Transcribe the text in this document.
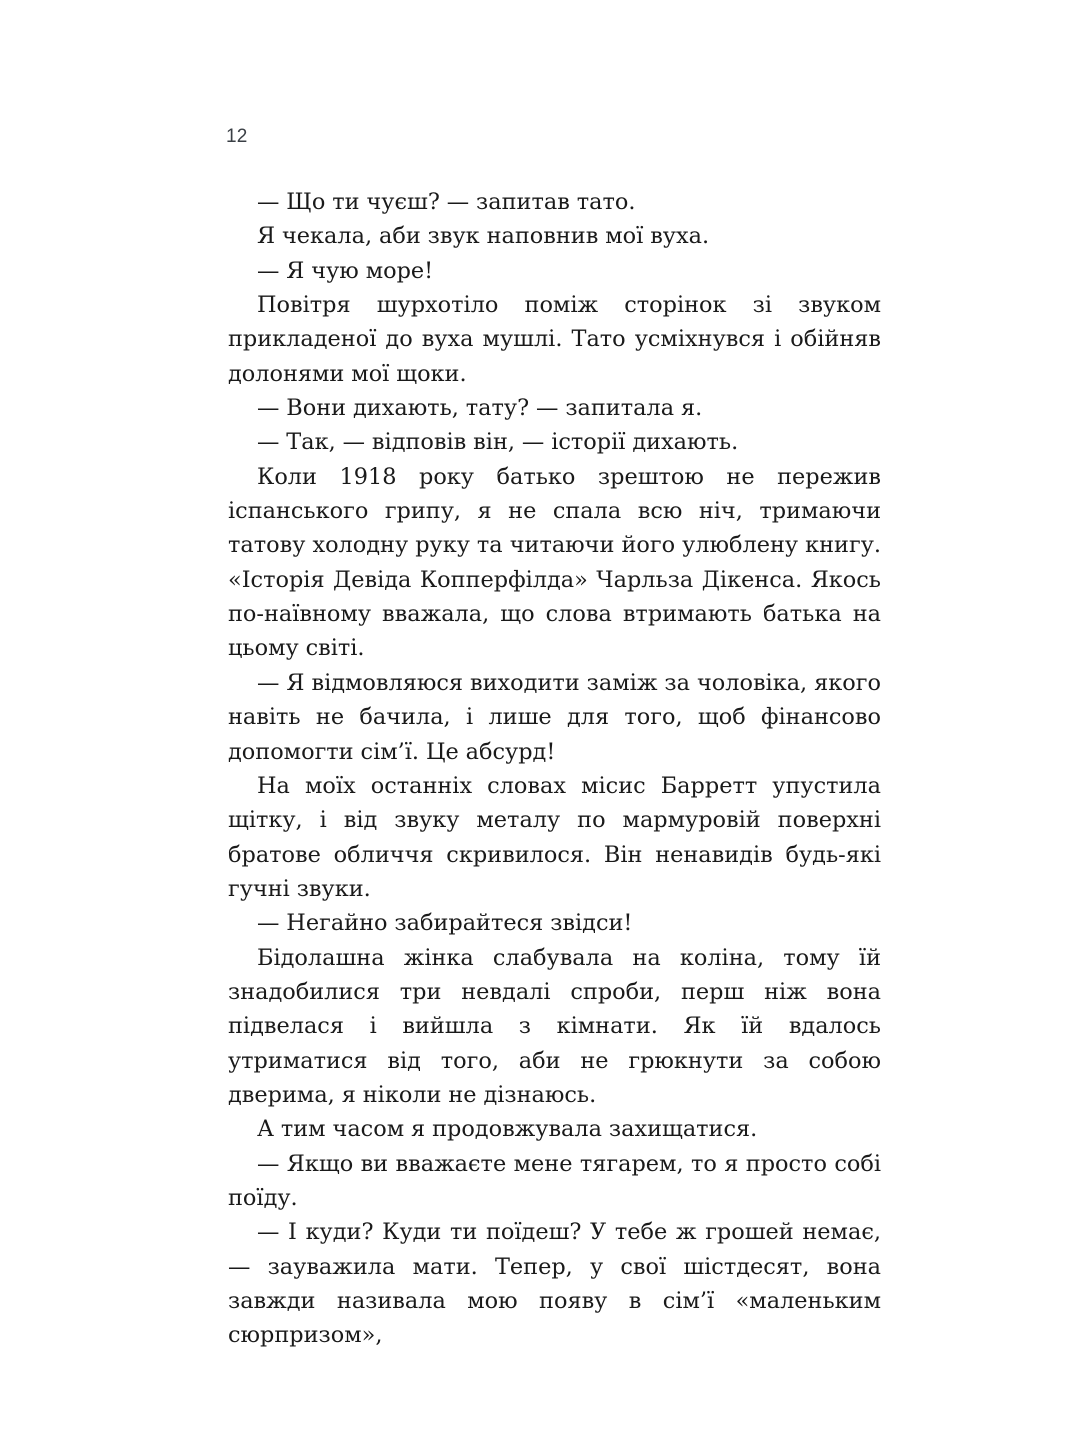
12

— Що ти чуєш? — запитав тато.

Я чекала, аби звук наповнив мої вуха.

— Я чую море!

Повітря шурхотіло поміж сторінок зі звуком прикладеної до вуха мушлі. Тато усміхнувся і обійняв долонями мої щоки.

— Вони дихають, тату? — запитала я.

— Так, — відповів він, — історії дихають.

Коли 1918 року батько зрештою не пережив іспанського грипу, я не спала всю ніч, тримаючи татову холодну руку та читаючи його улюблену книгу. «Історія Девіда Копперфілда» Чарльза Дікенса. Якось по-наївному вважала, що слова втримають батька на цьому світі.

— Я відмовляюся виходити заміж за чоловіка, якого навіть не бачила, і лише для того, щоб фінансово допомогти сім’ї. Це абсурд!

На моїх останніх словах місис Барретт упустила щітку, і від звуку металу по мармуровій поверхні братове обличчя скривилося. Він ненавидів будь-які гучні звуки.

— Негайно забирайтеся звідси!

Бідолашна жінка слабувала на коліна, тому їй знадобилися три невдалі спроби, перш ніж вона підвелася і вийшла з кімнати. Як їй вдалось утриматися від того, аби не грюкнути за собою дверима, я ніколи не дізнаюсь.

А тим часом я продовжувала захищатися.

— Якщо ви вважаєте мене тягарем, то я просто собі поїду.

— І куди? Куди ти поїдеш? У тебе ж грошей немає, — зауважила мати. Тепер, у свої шістдесят, вона завжди називала мою появу в сім’ї «маленьким сюрпризом»,
